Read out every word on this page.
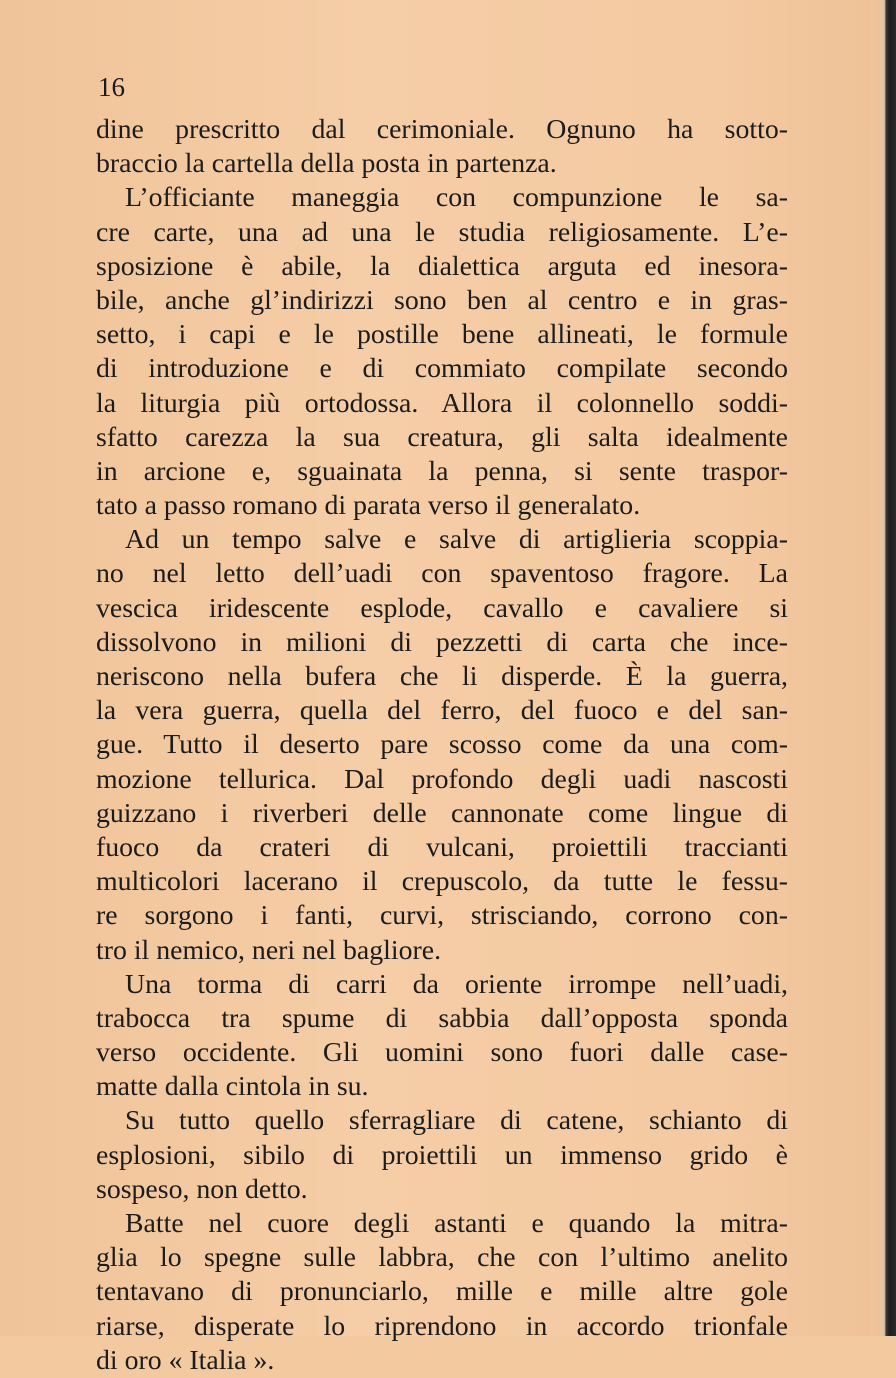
16
dine prescritto dal cerimoniale. Ognuno ha sotto-
braccio la cartella della posta in partenza.
L’officiante maneggia con compunzione le sa-
cre carte, una ad una le studia religiosamente. L’e-
sposizione è abile, la dialettica arguta ed inesora-
bile, anche gl’indirizzi sono ben al centro e in gras-
setto, i capi e le postille bene allineati, le formule
di introduzione e di commiato compilate secondo
la liturgia più ortodossa. Allora il colonnello soddi-
sfatto carezza la sua creatura, gli salta idealmente
in arcione e, sguainata la penna, si sente traspor-
tato a passo romano di parata verso il generalato.
Ad un tempo salve e salve di artiglieria scoppia-
no nel letto dell’uadi con spaventoso fragore. La
vescica iridescente esplode, cavallo e cavaliere si
dissolvono in milioni di pezzetti di carta che ince-
neriscono nella bufera che li disperde. È la guerra,
la vera guerra, quella del ferro, del fuoco e del san-
gue. Tutto il deserto pare scosso come da una com-
mozione tellurica. Dal profondo degli uadi nascosti
guizzano i riverberi delle cannonate come lingue di
fuoco da crateri di vulcani, proiettili traccianti
multicolori lacerano il crepuscolo, da tutte le fessu-
re sorgono i fanti, curvi, strisciando, corrono con-
tro il nemico, neri nel bagliore.
Una torma di carri da oriente irrompe nell’uadi,
trabocca tra spume di sabbia dall’opposta sponda
verso occidente. Gli uomini sono fuori dalle case-
matte dalla cintola in su.
Su tutto quello sferragliare di catene, schianto di
esplosioni, sibilo di proiettili un immenso grido è
sospeso, non detto.
Batte nel cuore degli astanti e quando la mitra-
glia lo spegne sulle labbra, che con l’ultimo anelito
tentavano di pronunciarlo, mille e mille altre gole
riarse, disperate lo riprendono in accordo trionfale
di oro « Italia ».
